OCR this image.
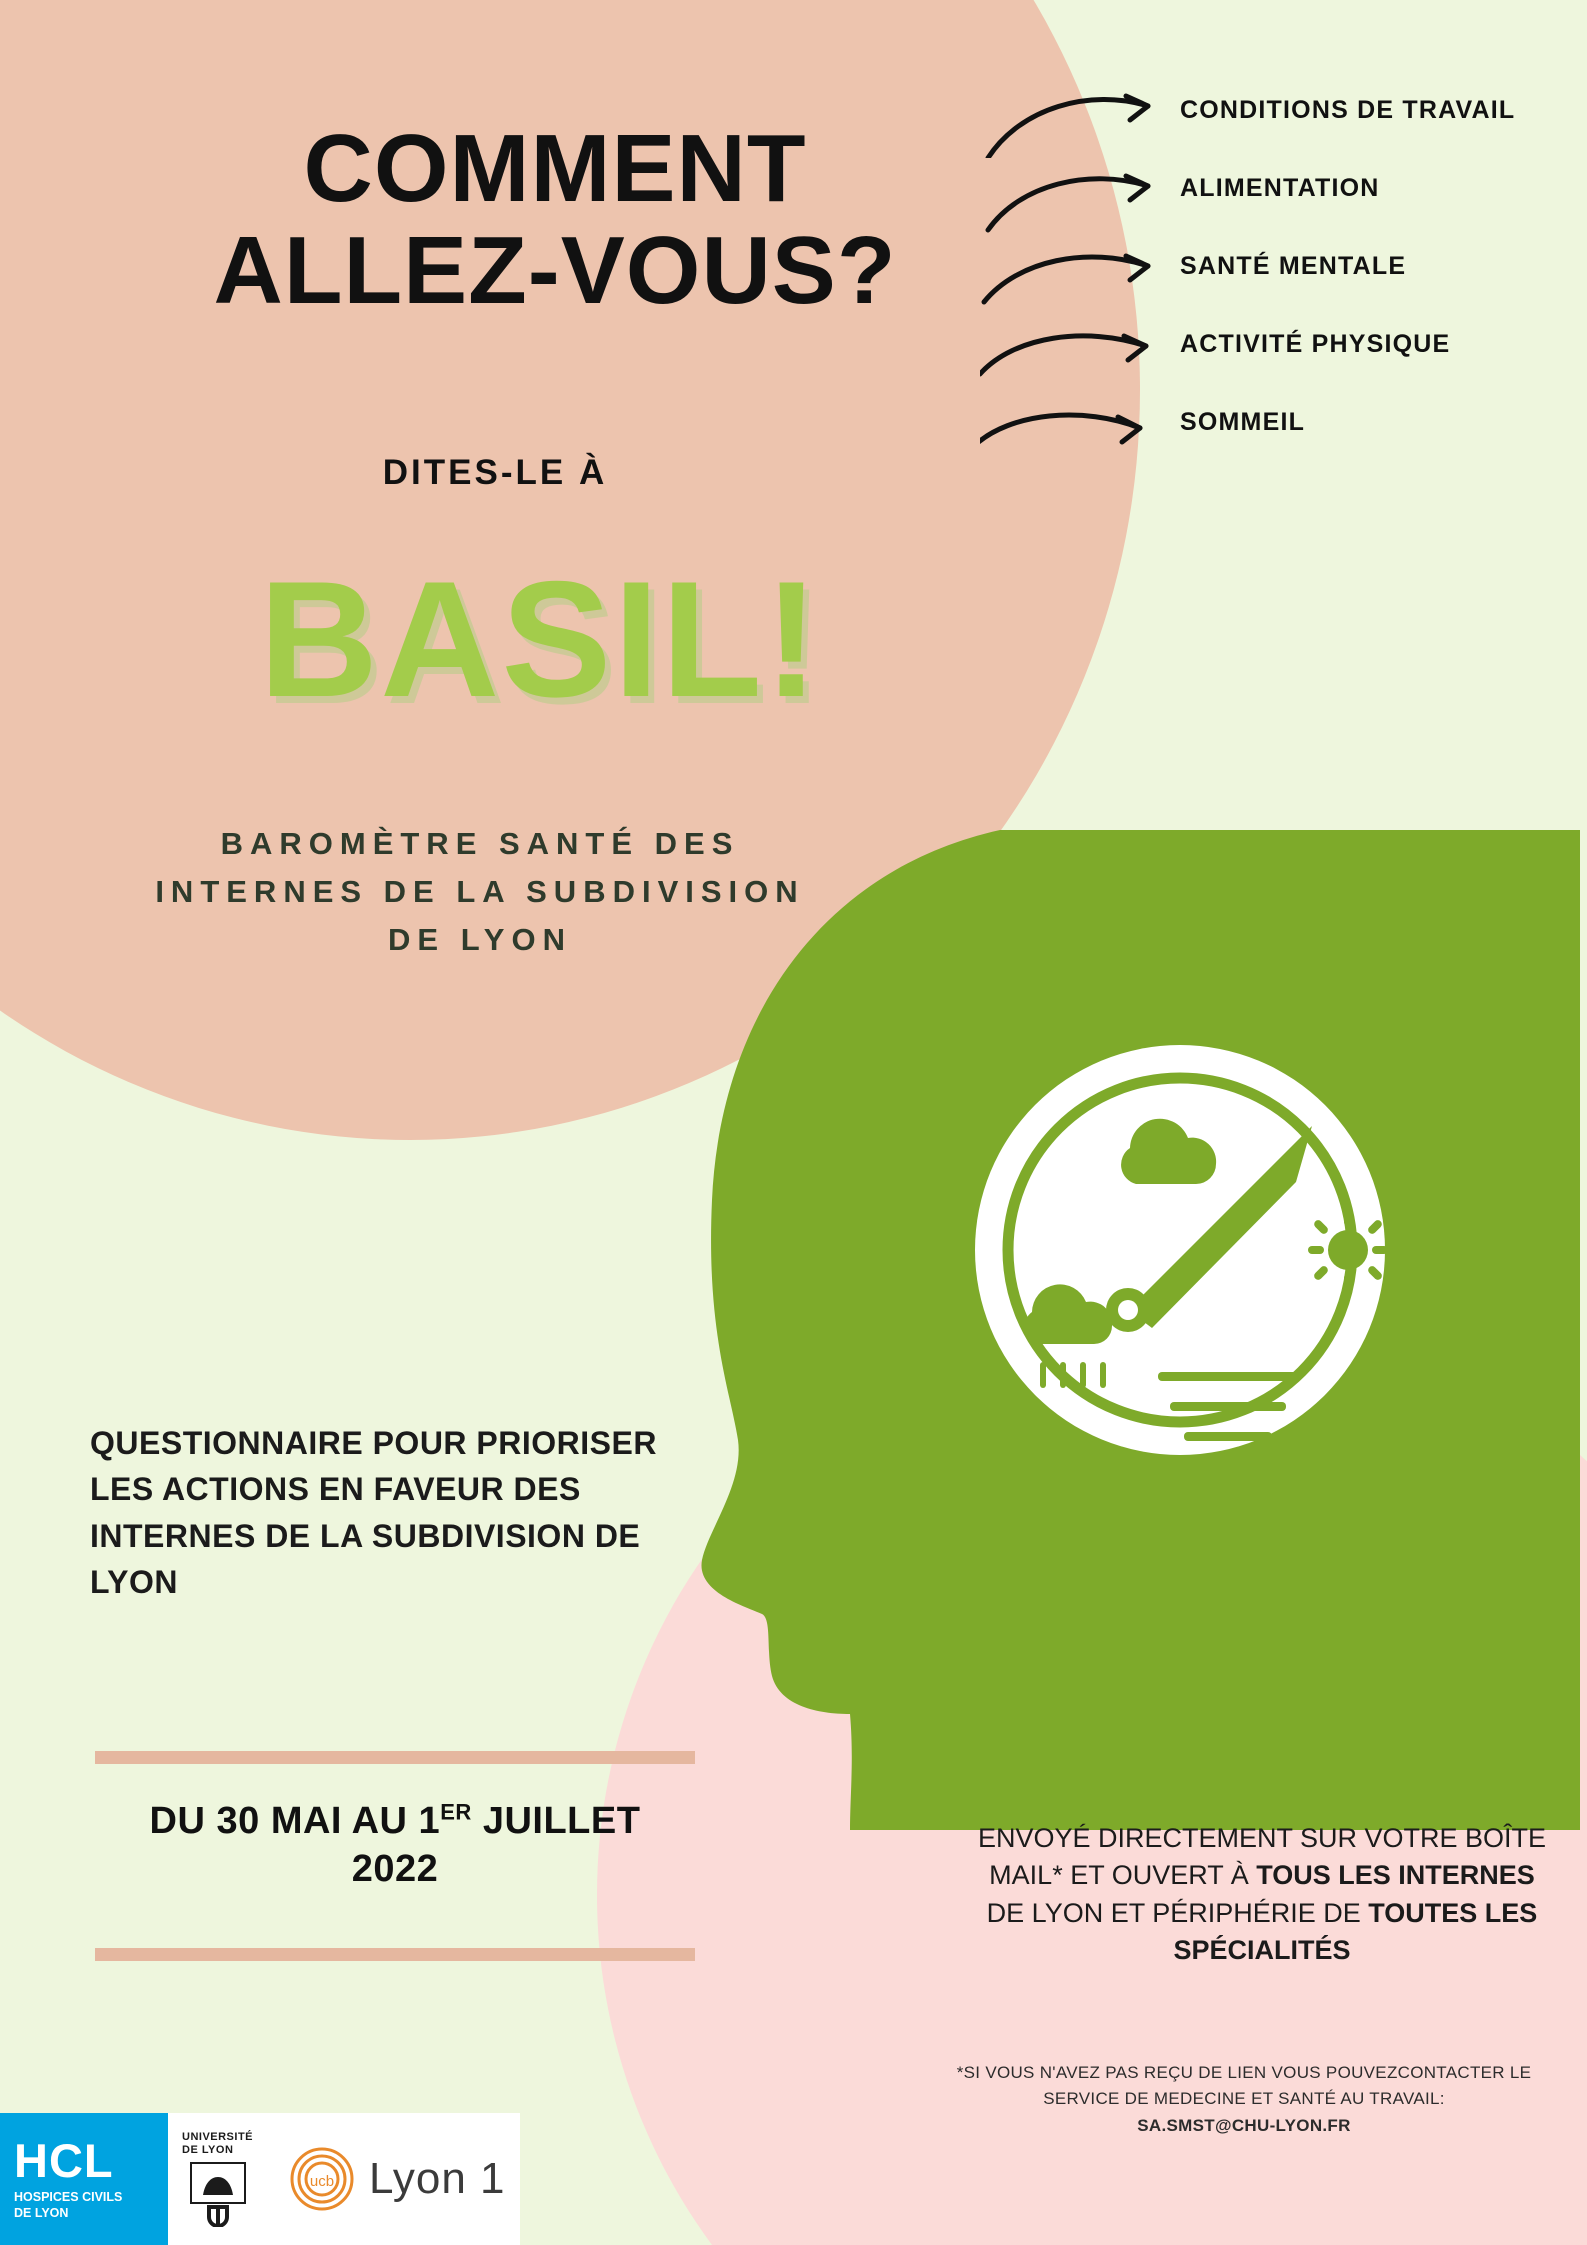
COMMENT
ALLEZ-VOUS?
DITES-LE À
BASIL!
BAROMÈTRE SANTÉ DES INTERNES DE LA SUBDIVISION DE LYON
CONDITIONS DE TRAVAIL
ALIMENTATION
SANTÉ MENTALE
ACTIVITÉ PHYSIQUE
SOMMEIL
QUESTIONNAIRE POUR PRIORISER LES ACTIONS EN FAVEUR DES INTERNES DE LA SUBDIVISION DE LYON
DU 30 MAI AU 1ER JUILLET
2022
ENVOYÉ DIRECTEMENT SUR VOTRE BOÎTE MAIL* ET OUVERT À TOUS LES INTERNES DE LYON ET PÉRIPHÉRIE DE TOUTES LES SPÉCIALITÉS
*SI VOUS N'AVEZ PAS REÇU DE LIEN VOUS POUVEZCONTACTER LE
SERVICE DE MEDECINE ET SANTÉ AU TRAVAIL:
SA.SMST@CHU-LYON.FR
HCL
HOSPICES CIVILS
DE LYON
UNIVERSITÉ
DE LYON
ucb Lyon 1
